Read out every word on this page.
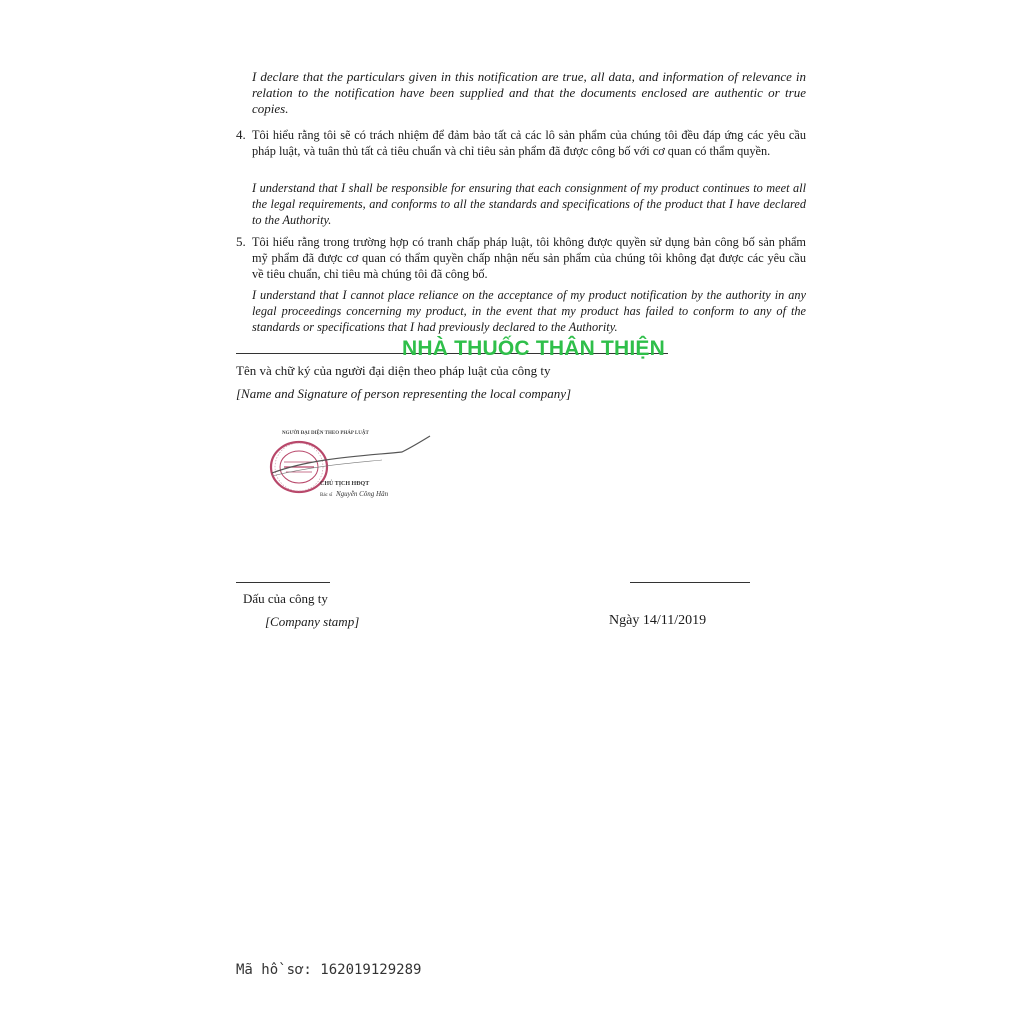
I declare that the particulars given in this notification are true, all data, and information of relevance in relation to the notification have been supplied and that the documents enclosed are authentic or true copies.
4. Tôi hiểu rằng tôi sẽ có trách nhiệm để đảm bảo tất cả các lô sản phẩm của chúng tôi đều đáp ứng các yêu cầu pháp luật, và tuân thủ tất cả tiêu chuẩn và chỉ tiêu sản phẩm đã được công bố với cơ quan có thẩm quyền.
I understand that I shall be responsible for ensuring that each consignment of my product continues to meet all the legal requirements, and conforms to all the standards and specifications of the product that I have declared to the Authority.
5. Tôi hiểu rằng trong trường hợp có tranh chấp pháp luật, tôi không được quyền sử dụng bản công bố sản phẩm mỹ phẩm đã được cơ quan có thẩm quyền chấp nhận nếu sản phẩm của chúng tôi không đạt được các yêu cầu về tiêu chuẩn, chỉ tiêu mà chúng tôi đã công bố.
I understand that I cannot place reliance on the acceptance of my product notification by the authority in any legal proceedings concerning my product, in the event that my product has failed to conform to any of the standards or specifications that I had previously declared to the Authority.
NHÀ THUỐC THÂN THIỆN
Tên và chữ ký của người đại diện theo pháp luật của công ty
[Name and Signature of person representing the local company]
NGƯỜI ĐẠI DIỆN THEO PHÁP LUẬT
CHỦ TỊCH HĐQT
Bác sĩ Nguyễn Công Hân
Dấu của công ty
[Company stamp]	Ngày 14/11/2019
Mã hồ sơ: 162019129289
